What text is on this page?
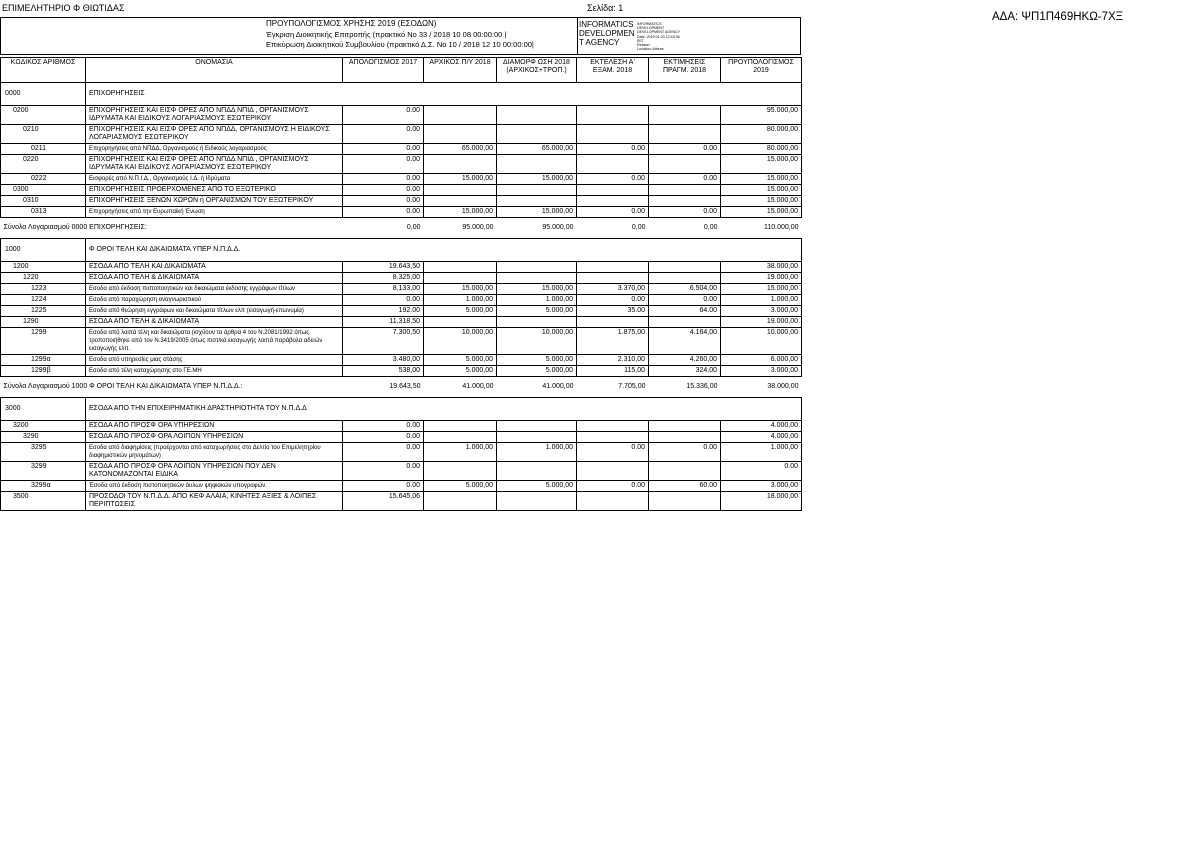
ΕΠΙΜΕΛΗΤΗΡΙΟ Φ ΘΙΩΤΙΔΑΣ	Σελίδα: 1
ΑΔΑ: ΨΠ1Π469ΗΚΩ-7ΧΞ
ΠΡΟΥΠΟΛΟΓΙΣΜΟΣ ΧΡΗΣΗΣ 2019 (ΕΣΟΔΩΝ)
Έγκριση Διοικητικής Επιτροπής (πρακτικό No 33 / 2018 10 08 00:00:00 |
Επικύρωση Διοικητικού Συμβουλίου (πρακτικό Δ.Σ. No 10 / 2018 12 10 00:00:00|
INFORMATICS
DEVELOPMEN
T AGENCY
INFORMATICS
DEVELOPMENT
DEVELOPMENT AGENCY
Date: 2019.01.03 12:43:36
EET
Reason:
Location: Athens
ΚΩΔΙΚΟΣ ΑΡΙΘΜΟΣ	ΟΝΟΜΑΣΙΑ	ΑΠΟΛΟΓΙΣΜΟΣ 2017	ΑΡΧΙΚΟΣ Π/Υ 2018	ΔΙΑΜΟΡΦ ΩΣΗ 2018 (ΑΡΧΙΚΟΣ+ΤΡΟΠ.)	ΕΚΤΕΛΕΣΗ Α' ΕΞΑΜ. 2018	ΕΚΤΙΜΗΣΕΙΣ ΠΡΑΓΜ. 2018	ΠΡΟΥΠΟΛΟΓΙΣΜΟΣ 2019
0000	ΕΠΙΧΟΡΗΓΗΣΕΙΣ						
0200	ΕΠΙΧΟΡΗΓΗΣΕΙΣ ΚΑΙ ΕΙΣΦ ΟΡΕΣ ΑΠΟ ΝΠΔΔ ΝΠΙΔ , ΟΡΓΑΝΙΣΜΟΥΣ ΙΔΡΥΜΑΤΑ ΚΑΙ ΕΙΔΙΚΟΥΣ ΛΟΓΑΡΙΑΣΜΟΥΣ ΕΣΩΤΕΡΙΚΟΥ	0.00					95.000,00
0210	ΕΠΙΧΟΡΗΓΗΣΕΙΣ ΚΑΙ ΕΙΣΦ ΟΡΕΣ ΑΠΟ ΝΠΔΔ, ΟΡΓΑΝΙΣΜΟΥΣ Η ΕΙΔΙΚΟΥΣ ΛΟΓΑΡΙΑΣΜΟΥΣ ΕΣΩΤΕΡΙΚΟΥ	0.00					80.000,00
0211	Επιχορηγήσεις από ΝΠΔΔ, Οργανισμούς ή Ειδικούς λογαριασμούς	0.00	65.000,00	65.000,00	0.00	0.00	80.000,00
0220	ΕΠΙΧΟΡΗΓΗΣΕΙΣ ΚΑΙ ΕΙΣΦ ΟΡΕΣ ΑΠΟ ΝΠΔΔ ΝΠΙΔ , ΟΡΓΑΝΙΣΜΟΥΣ ΙΔΡΥΜΑΤΑ ΚΑΙ ΕΙΔΙΚΟΥΣ ΛΟΓΑΡΙΑΣΜΟΥΣ ΕΣΩΤΕΡΙΚΟΥ	0.00					15.000,00
0222	Εισφορές από Ν.Π.Ι.Δ., Οργανισμούς Ι.Δ. ή Ιδρύματα	0.00	15.000,00	15.000,00	0.00	0.00	15.000,00
0300	ΕΠΙΧΟΡΗΓΗΣΕΙΣ ΠΡΟΕΡΧΟΜΕΝΕΣ ΑΠΟ ΤΟ ΕΞΩΤΕΡΙΚΟ	0.00					15.000,00
0310	ΕΠΙΧΟΡΗΓΗΣΕΙΣ ΞΕΝΩΝ ΧΩΡΩΝ ή ΟΡΓΑΝΙΣΜΩΝ ΤΟΥ ΕΞΩΤΕΡΙΚΟΥ	0.00					15.000,00
0313	Επιχορηγήσεις από την Ευρωπαϊκή Ένωση	0.00	15.000,00	15.000,00	0.00	0.00	15.000,00
Σύνολα Λογαριασμού 0000 ΕΠΙΧΟΡΗΓΗΣΕΙΣ:		0,00	95.000,00	95.000,00	0,00	0,00	110.000,00
1000	Φ ΟΡΟΙ ΤΕΛΗ ΚΑΙ ΔΙΚΑΙΩΜΑΤΑ ΥΠΕΡ Ν.Π.Δ.Δ.						
1200	ΕΣΟΔΑ ΑΠΟ ΤΕΛΗ ΚΑΙ ΔΙΚΑΙΩΜΑΤΑ	19.643,50					38.000,00
1220	ΕΣΟΔΑ ΑΠΟ ΤΕΛΗ & ΔΙΚΑΙΩΜΑΤΑ	8.325,00					19.000,00
1223	Εσοδα από έκδοση πιστοποιητικών και δικαιώματα έκδοσης εγγράφων τίτλων	8.133,00	15.000,00	15.000,00	3.370,00	6.504,00	15.000,00
1224	Εσοδα από παραχώρηση αναγνωριστικού	0.00	1.000,00	1.000,00	0.00	0.00	1.000,00
1225	Εσοδα από θεώρηση εγγράφων και δικαιώματα τίτλων ελπ (εισαγωγή-επωνυμία)	192.00	5.000,00	5.000,00	35.00	64.00	3.000,00
1290	ΕΣΟΔΑ ΑΠΟ ΤΕΛΗ & ΔΙΚΑΙΩΜΑΤΑ	11.318,50					19.000,00
1299	Εσοδα από λοιπά τέλη και δικαιώματα (ισχύουν τα άρθρα 4 του Ν.2081/1992 όπως τροποποιήθηκε από τον Ν.3419/2005 όπως πιστ/κά εισαγωγής λοιπά παράβολα αδειών εισαγωγής ελπ.	7.300,50	10.000,00	10.000,00	1.875,00	4.164,00	10.000,00
1299α	Εσοδα από υπηρεσίες μιας στάσης	3.480,00	5.000,00	5.000,00	2.310,00	4.260,00	6.000,00
1299β	Εσοδα από τέλη καταχώρησης στο ΓΕ.ΜΗ	538,00	5.000,00	5.000,00	115,00	324,00	3.000,00
Σύνολα Λογαριασμού 1000 Φ ΟΡΟΙ ΤΕΛΗ ΚΑΙ ΔΙΚΑΙΩΜΑΤΑ ΥΠΕΡ Ν.Π.Δ.Δ.:		19.643,50	41.000,00	41.000,00	7.705,00	15.336,00	38.000,00
3000	ΕΣΟΔΑ ΑΠΟ ΤΗΝ ΕΠΙΧΕΙΡΗΜΑΤΙΚΗ ΔΡΑΣΤΗΡΙΟΤΗΤΑ ΤΟΥ Ν.Π.Δ.Δ						
3200	ΕΣΟΔΑ ΑΠΟ ΠΡΟΣΦ ΟΡΑ ΥΠΗΡΕΣΙΩΝ	0.00					4.000,00
3290	ΕΣΟΔΑ ΑΠΟ ΠΡΟΣΦ ΟΡΑ ΛΟΙΠΩΝ ΥΠΗΡΕΣΙΩΝ	0.00					4.000,00
3295	Εσοδα από διαφημίσεις (προέρχονται από καταχωρήσεις στο Δελτίο του Επιμελητηρίου διαφημιστικών μηνυμάτων)	0.00	1.000,00	1.000,00	0.00	0.00	1.000,00
3299	ΕΣΟΔΑ ΑΠΟ ΠΡΟΣΦ ΟΡΑ ΛΟΙΠΩΝ ΥΠΗΡΕΣΙΩΝ ΠΟΥ ΔΕΝ ΚΑΤΟΝΟΜΑΖΟΝΤΑΙ ΕΙΔΙΚΑ	0.00					0.00
3299α	Έσοδα από έκδοση πιστοποιητικών άυλων ψηφιακών υπογραφών.	0.00	5.000,00	5.000,00	0.00	60.00	3.000,00
3500	ΠΡΟΣΟΔΟΙ ΤΟΥ Ν.Π.Δ.Δ. ΑΠΟ ΚΕΦ ΑΛΑΙΑ, ΚΙΝΗΤΕΣ ΑΞΙΕΣ & ΛΟΙΠΕΣ ΠΕΡΙΠΤΩΣΕΙΣ	15.645,06					18.000,00
